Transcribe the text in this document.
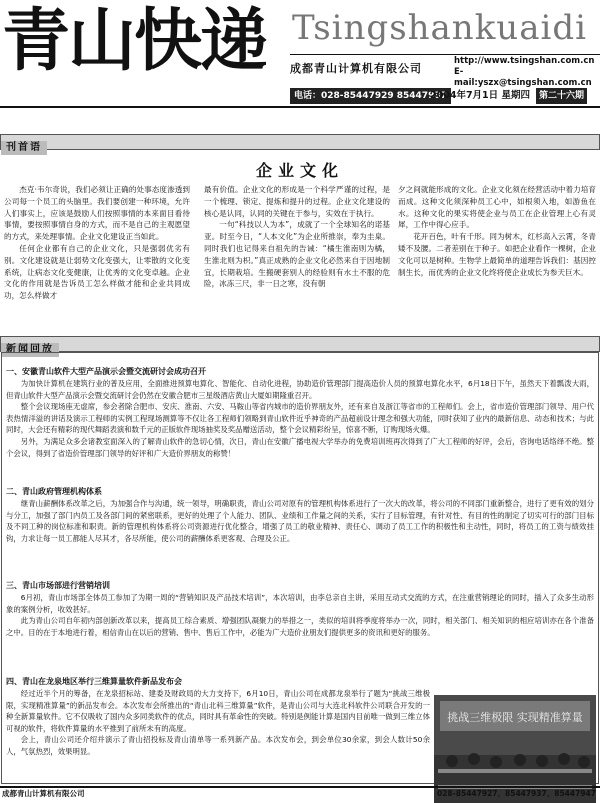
青山快递 Tsingshankuaidi
成都青山计算机有限公司
http://www.tsingshan.com.cn
E-mail:yszx@tsingshan.com.cn
电话：028-85447929 85447937
2004年7月1日 星期四	第二十六期
刊首语
企业文化

杰克·韦尔奇说，我们必须让正确的处事态度渗透到公司每一个员工的头脑里。我们要创建一种环境，允许人们事实上，应该是鼓励人们按照事情的本来面目看待事情，要按照事情自身的方式，而不是自己的主观愿望的方式，来处理事情。企业文化建设正当如此。

任何企业都有自己的企业文化，只是强弱优劣有别。文化建设就是让弱势文化变强大，让零散的文化变系统，让病态文化变健康，让优秀的文化变卓越。企业文化的作用就是告诉员工怎么样做才能和企业共同成功，怎么样做才

最有价值。企业文化的形成是一个科学严谨的过程，是一个梳理、锁定、提炼和提升的过程。企业文化建设的核心是认同，认同的关键在于参与，实效在于执行。

一句“科技以人为本”，成就了一个全球知名的诺基亚。时至今日，“人本文化”为企业所推崇，奉为圭臬。同时我们也记得来自祖先的告诫：“橘生淮南则为橘，生淮北则为枳。”真正成熟的企业文化必然来自于因地制宜，长期栽培。生搬硬套别人的经验则有水土不服的危险，冰冻三尺，非一日之寒，没有朝

夕之间就能形成的文化。企业文化须在经营活动中着力培育而成。这种文化须深种员工心中，如根须入地，如游鱼在水。这种文化的果实将使企业与员工在企业管理上心有灵犀，工作中得心应手。

花开百色，叶有千形。同为树木，红杉高入云霄，冬青矮不及腰。二者差别在于种子。如把企业看作一棵树，企业文化可以是树种。生物学上最简单的道理告诉我们：基因控制生长，而优秀的企业文化终将使企业成长为参天巨木。

新闻回放
一、安徽青山软件大型产品演示会暨交流研讨会成功召开

为加快计算机在建筑行业的普及应用，全面推进预算电算化、智能化、自动化进程，协助造价管理部门提高造价人员的预算电算化水平，6月18日下午，虽然天下着瓢泼大雨，但青山软件大型产品演示会暨交流研讨会仍然在安徽合肥市三星级酒店黄山大厦如期隆重召开。

整个会议现场座无虚席，参会者除合肥市、安庆、淮南、六安、马鞍山等省内城市的造价界朋友外，还有来自及浙江等省市的工程师们。会上，省市造价管理部门领导、用户代表热情洋溢的讲话及演示工程师的实例工程现场测算等不仅让各工程师们领略到青山软件近乎神奇的产品超前设计理念和强大功能，同时获知了业内的最新信息、动态和技术；与此同时，大会还有精彩的现代舞蹈表演和数千元的正版软件现场抽奖及奖品赠送活动，整个会议精彩纷呈，惊喜不断，订购现场火爆。

另外，为满足众多会诸教室面深入的了解青山软件的急切心情，次日，青山在安徽广播电视大学举办的免费培训班再次得到了广大工程师的好评，会后，咨询电话络绎不绝。整个会议，得到了省造价管理部门领导的好评和广大造价界朋友的称赞！

二、青山政府管理机构体系

继青山薪酬体系改革之后，为加强合作与沟通，统一领导，明确职责，青山公司对原有的管理机构体系进行了一次大的改革，将公司的不同部门重新整合，进行了更有效的划分与分工，加强了部门内员工及各部门间的紧密联系，更好的处理了个人能力、团队、业绩和工作量之间的关系，实行了目标管理，有针对性、有目的性的制定了切实可行的部门目标及不同工种的岗位标准和职责。新的管理机构体系将公司资源进行优化整合，增强了员工的敬业精神、责任心、调动了员工工作的积极性和主动性，同时，将员工的工资与绩效挂钩，力求让每一员工都能人尽其才，各尽所能，使公司的薪酬体系更客观、合理及公正。

三、青山市场部进行营销培训

6月初，青山市场部全体员工参加了为期一周的“营销知识及产品技术培训”，本次培训，由李总亲自主讲，采用互动式交流的方式，在注重营销理论的同时，插入了众多生动形象的案例分析，收效甚好。

此为青山公司自年初内部创新改革以来，提高员工综合素质、增强团队凝聚力的举措之一，类似的培训将季度将举办一次，同时，相关部门、相关知识的相应培训亦在各个准备之中。目的在于本地进行着，相信青山在以后的营销、售中、售后工作中，必能为广大造价业朋友们提供更多的资讯和更好的服务。

四、青山在龙泉地区举行三维算量软件新品发布会

经过近半个月的筹备，在龙泉招标站、建委及财政局的大力支持下，6月10日，青山公司在成都龙泉举行了题为“挑战三维极限，实现精准算量”的新品发布会。本次发布会所推出的“青山北科三维算量”软件，是青山公司与大连北科软件公司联合开发的一种全新算量软件。它不仅吸收了国内众多同类软件的优点，同时具有革命性的突破。特别是例能计算是国内目前唯一做到三维立体可视的软件，将软件算量的水平推到了前所未有的高度。

会上，青山公司还介绍并演示了青山招投标及青山清单等一系列新产品。本次发布会，到会单位30余家，到会人数计50余人，气氛热烈，效果明显。

挑战三维极限 实现精准算量
成都青山计算机有限公司	028-85447927、85447937、85447947
